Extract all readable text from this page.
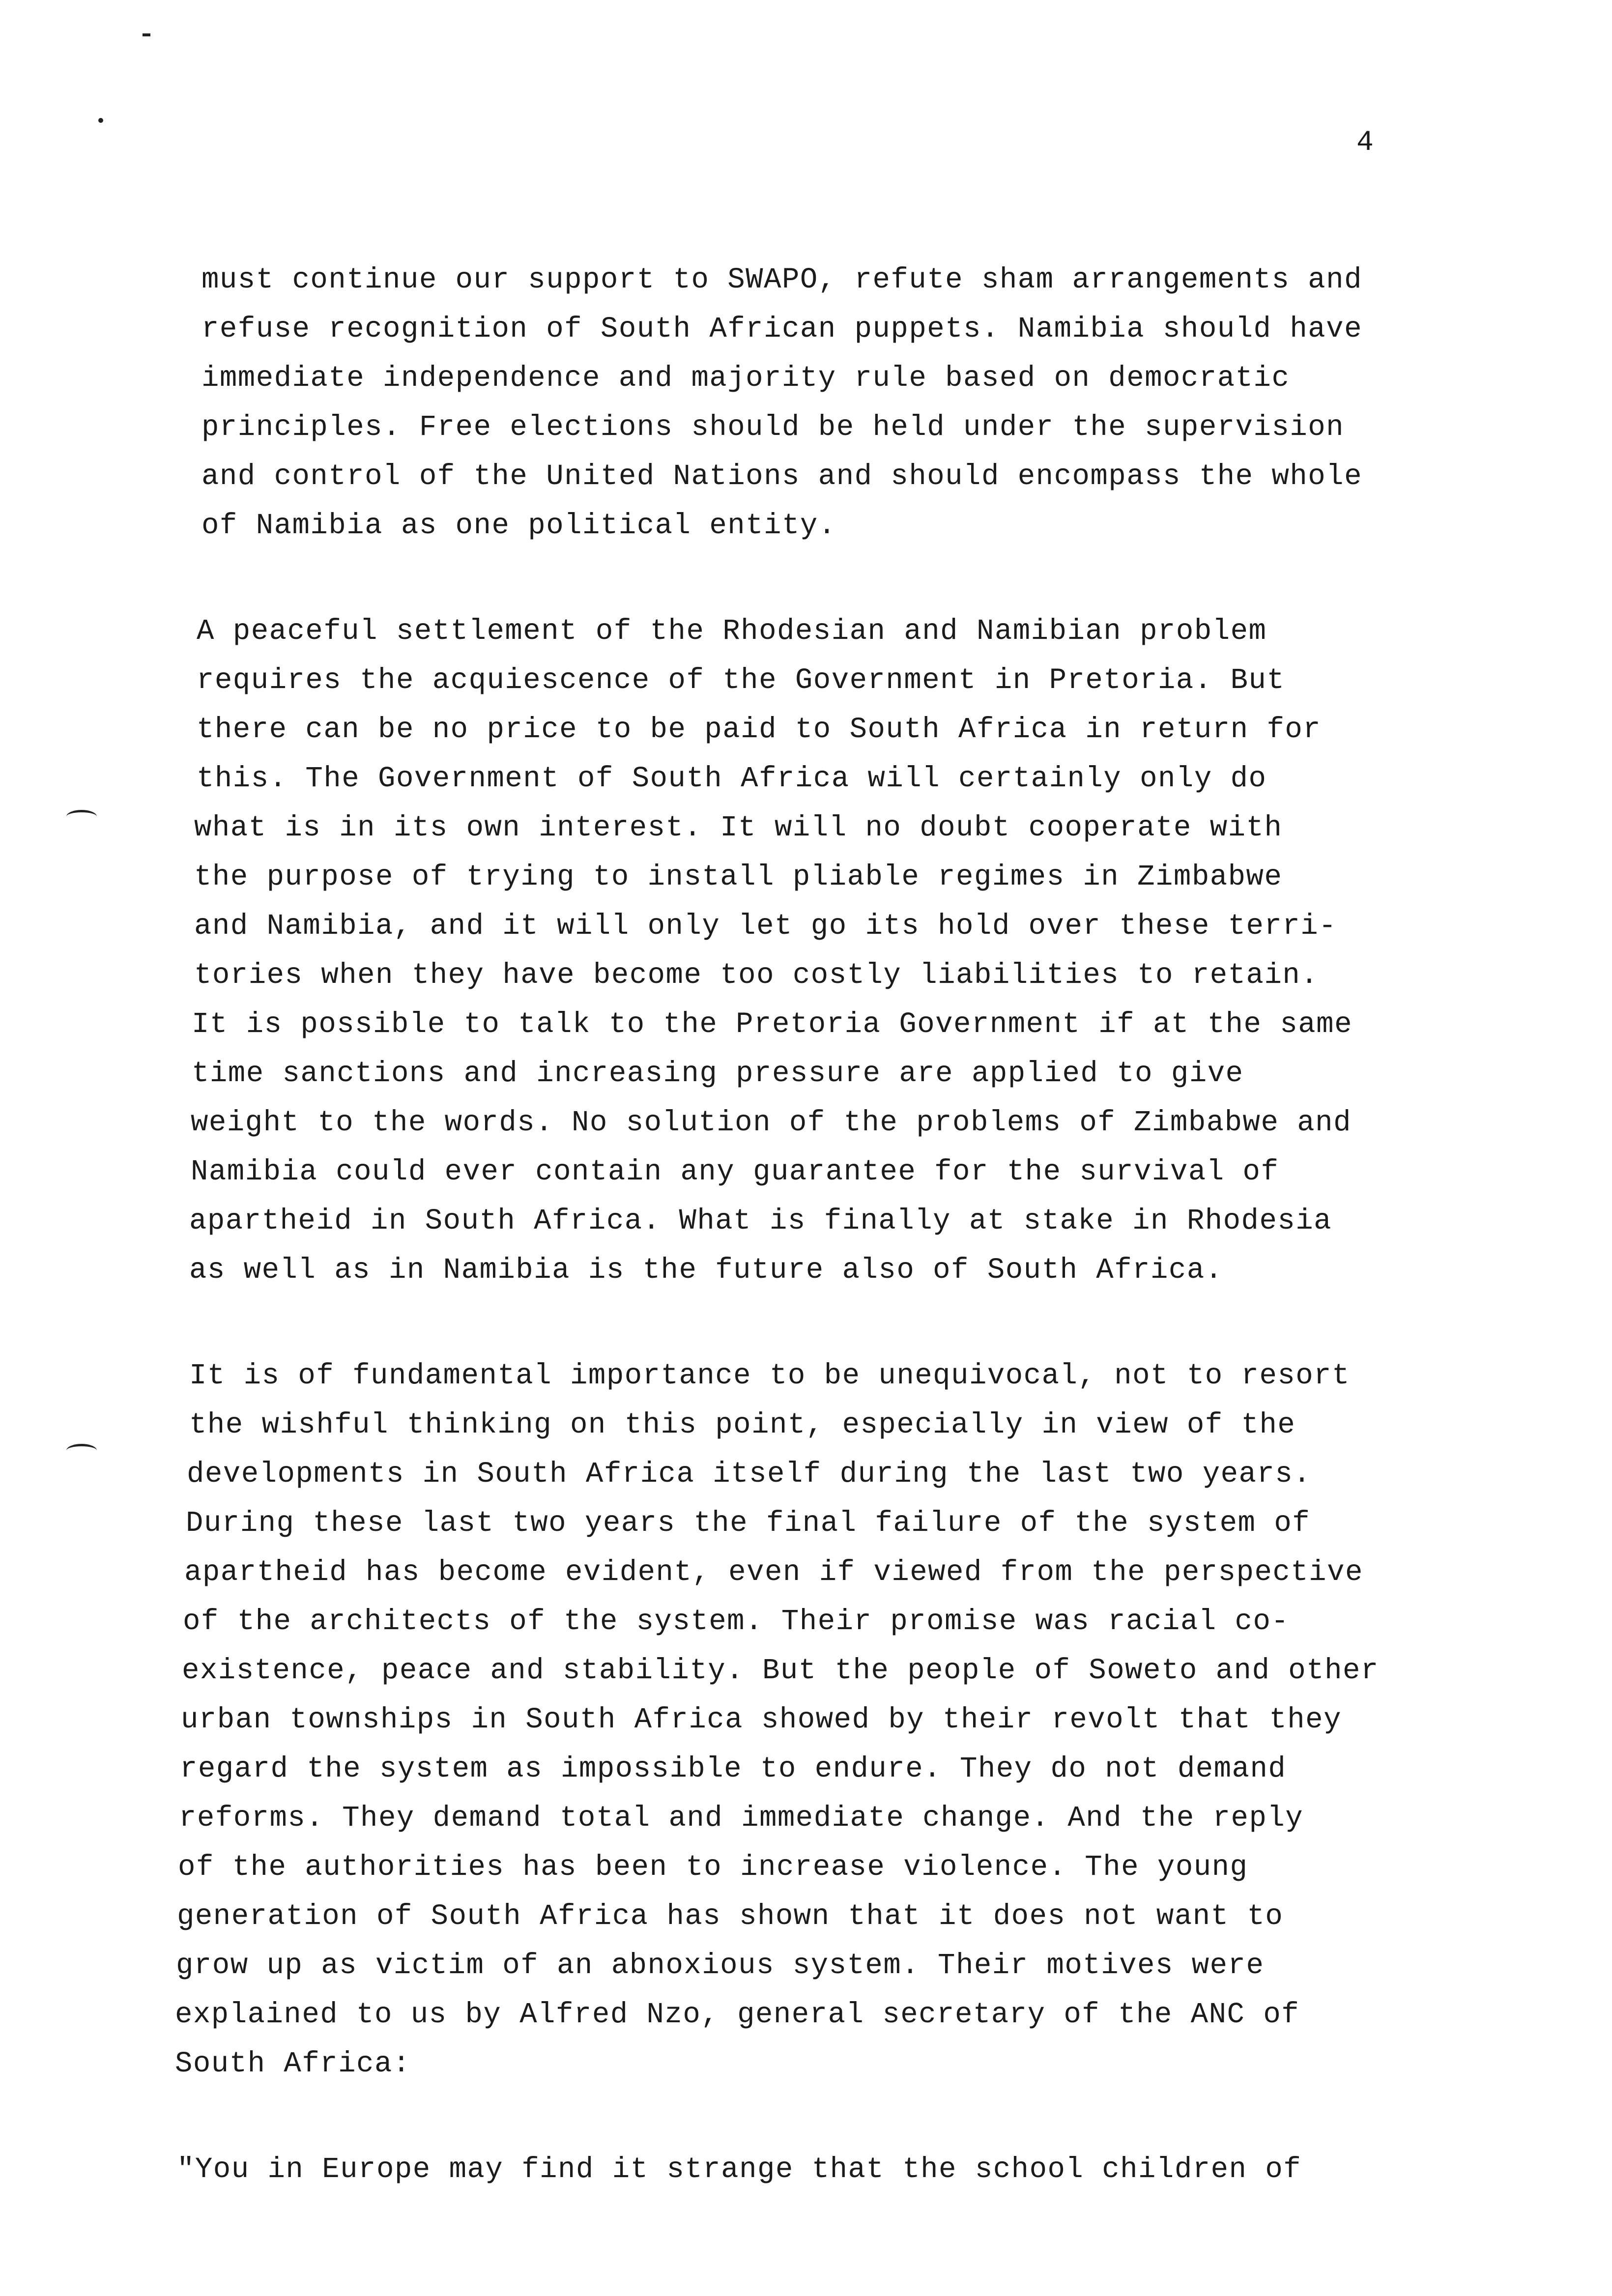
4
must continue our support to SWAPO, refute sham arrangements and
refuse recognition of South African puppets. Namibia should have
immediate independence and majority rule based on democratic
principles. Free elections should be held under the supervision
and control of the United Nations and should encompass the whole
of Namibia as one political entity.
A peaceful settlement of the Rhodesian and Namibian problem
requires the acquiescence of the Government in Pretoria. But
there can be no price to be paid to South Africa in return for
this. The Government of South Africa will certainly only do
what is in its own interest. It will no doubt cooperate with
the purpose of trying to install pliable regimes in Zimbabwe
and Namibia, and it will only let go its hold over these terri-
tories when they have become too costly liabilities to retain.
It is possible to talk to the Pretoria Government if at the same
time sanctions and increasing pressure are applied to give
weight to the words. No solution of the problems of Zimbabwe and
Namibia could ever contain any guarantee for the survival of
apartheid in South Africa. What is finally at stake in Rhodesia
as well as in Namibia is the future also of South Africa.
It is of fundamental importance to be unequivocal, not to resort
the wishful thinking on this point, especially in view of the
developments in South Africa itself during the last two years.
During these last two years the final failure of the system of
apartheid has become evident, even if viewed from the perspective
of the architects of the system. Their promise was racial co-
existence, peace and stability. But the people of Soweto and other
urban townships in South Africa showed by their revolt that they
regard the system as impossible to endure. They do not demand
reforms. They demand total and immediate change. And the reply
of the authorities has been to increase violence. The young
generation of South Africa has shown that it does not want to
grow up as victim of an abnoxious system. Their motives were
explained to us by Alfred Nzo, general secretary of the ANC of
South Africa:
"You in Europe may find it strange that the school children of
